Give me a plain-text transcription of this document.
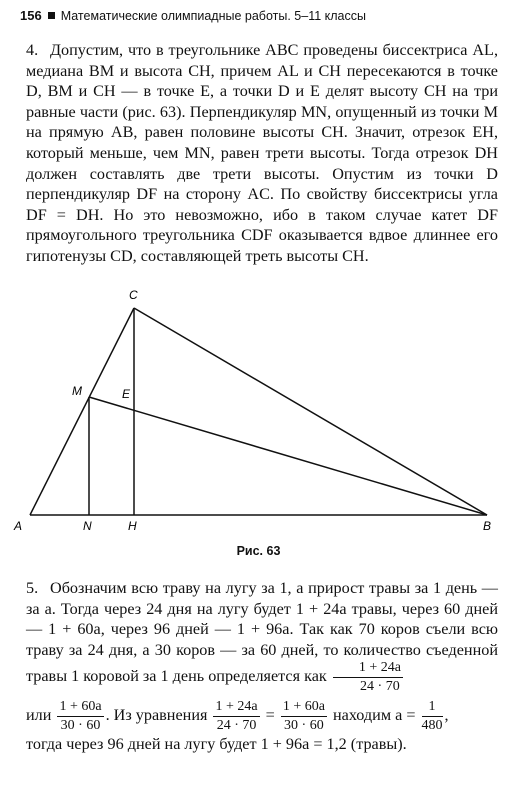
156 Математические олимпиадные работы. 5–11 классы
4. Допустим, что в треугольнике ABC проведены биссектриса AL, медиана BM и высота CH, причем AL и CH пересекаются в точке D, BM и CH — в точке E, а точки D и E делят высоту CH на три равные части (рис. 63). Перпендикуляр MN, опущенный из точки M на прямую AB, равен половине высоты CH. Значит, отрезок EH, который меньше, чем MN, равен трети высоты. Тогда отрезок DH должен составлять две трети высоты. Опустим из точки D перпендикуляр DF на сторону AC. По свойству биссектрисы угла DF = DH. Но это невозможно, ибо в таком случае катет DF прямоугольного треугольника CDF оказывается вдвое длиннее его гипотенузы CD, составляющей треть высоты CH.
A	B
C
M	E
N	H
Рис. 63
5. Обозначим всю траву на лугу за 1, а прирост травы за 1 день — за a. Тогда через 24 дня на лугу будет 1 + 24a травы, через 60 дней — 1 + 60a, через 96 дней — 1 + 96a. Так как 70 коров съели всю траву за 24 дня, а 30 коров — за 60 дней, то количество съеденной травы 1 коровой за 1 день определяется как $\frac{1 + 24a}{24 \cdot 70}$
или $\frac{1 + 60a}{30 \cdot 60}$ . Из уравнения $\frac{1 + 24a}{24 \cdot 70} = \frac{1 + 60a}{30 \cdot 60}$ находим $a = \frac{1}{480}$ ,
тогда через 96 дней на лугу будет 1 + 96a = 1,2 (травы).
